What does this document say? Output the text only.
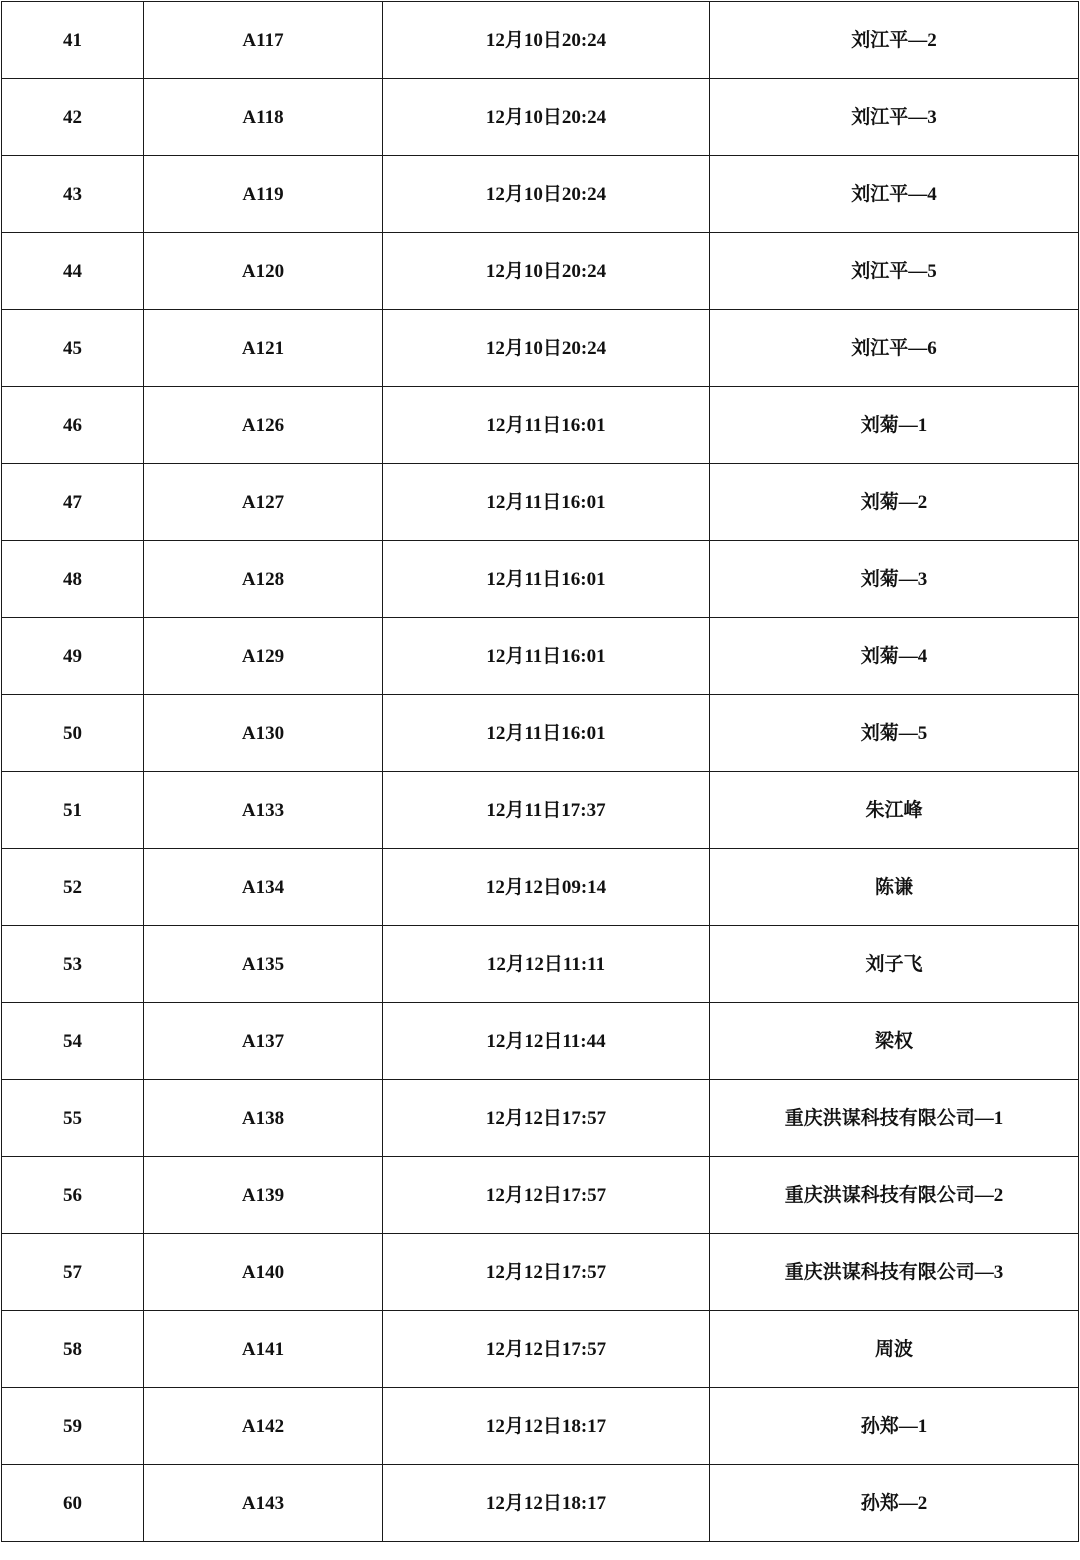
41	A117	12月10日20:24	刘江平—2
42	A118	12月10日20:24	刘江平—3
43	A119	12月10日20:24	刘江平—4
44	A120	12月10日20:24	刘江平—5
45	A121	12月10日20:24	刘江平—6
46	A126	12月11日16:01	刘菊—1
47	A127	12月11日16:01	刘菊—2
48	A128	12月11日16:01	刘菊—3
49	A129	12月11日16:01	刘菊—4
50	A130	12月11日16:01	刘菊—5
51	A133	12月11日17:37	朱江峰
52	A134	12月12日09:14	陈谦
53	A135	12月12日11:11	刘子飞
54	A137	12月12日11:44	梁权
55	A138	12月12日17:57	重庆洪谋科技有限公司—1
56	A139	12月12日17:57	重庆洪谋科技有限公司—2
57	A140	12月12日17:57	重庆洪谋科技有限公司—3
58	A141	12月12日17:57	周波
59	A142	12月12日18:17	孙郑—1
60	A143	12月12日18:17	孙郑—2
